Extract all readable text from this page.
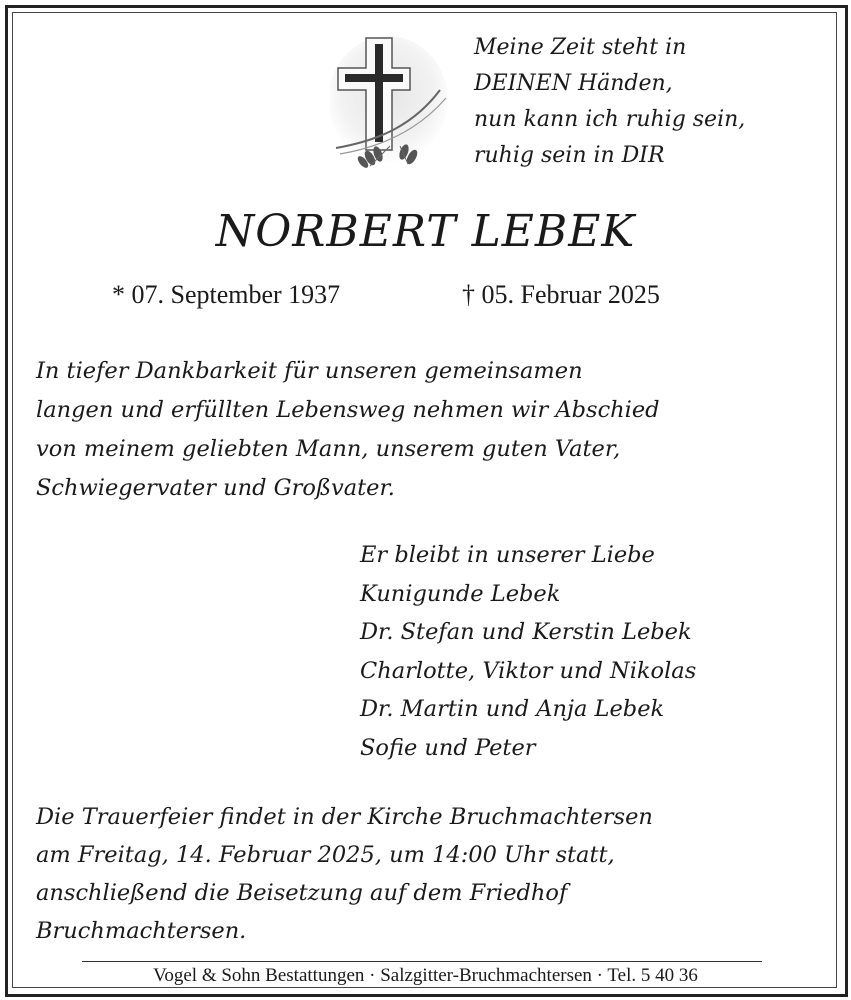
Meine Zeit steht in
DEINEN Händen,
nun kann ich ruhig sein,
ruhig sein in DIR
NORBERT LEBEK
* 07. September 1937	† 05. Februar 2025
In tiefer Dankbarkeit für unseren gemeinsamen
langen und erfüllten Lebensweg nehmen wir Abschied
von meinem geliebten Mann, unserem guten Vater,
Schwiegervater und Großvater.
Er bleibt in unserer Liebe
Kunigunde Lebek
Dr. Stefan und Kerstin Lebek
Charlotte, Viktor und Nikolas
Dr. Martin und Anja Lebek
Sofie und Peter
Die Trauerfeier findet in der Kirche Bruchmachtersen
am Freitag, 14. Februar 2025, um 14:00 Uhr statt,
anschließend die Beisetzung auf dem Friedhof
Bruchmachtersen.
Vogel & Sohn Bestattungen · Salzgitter-Bruchmachtersen · Tel. 5 40 36
